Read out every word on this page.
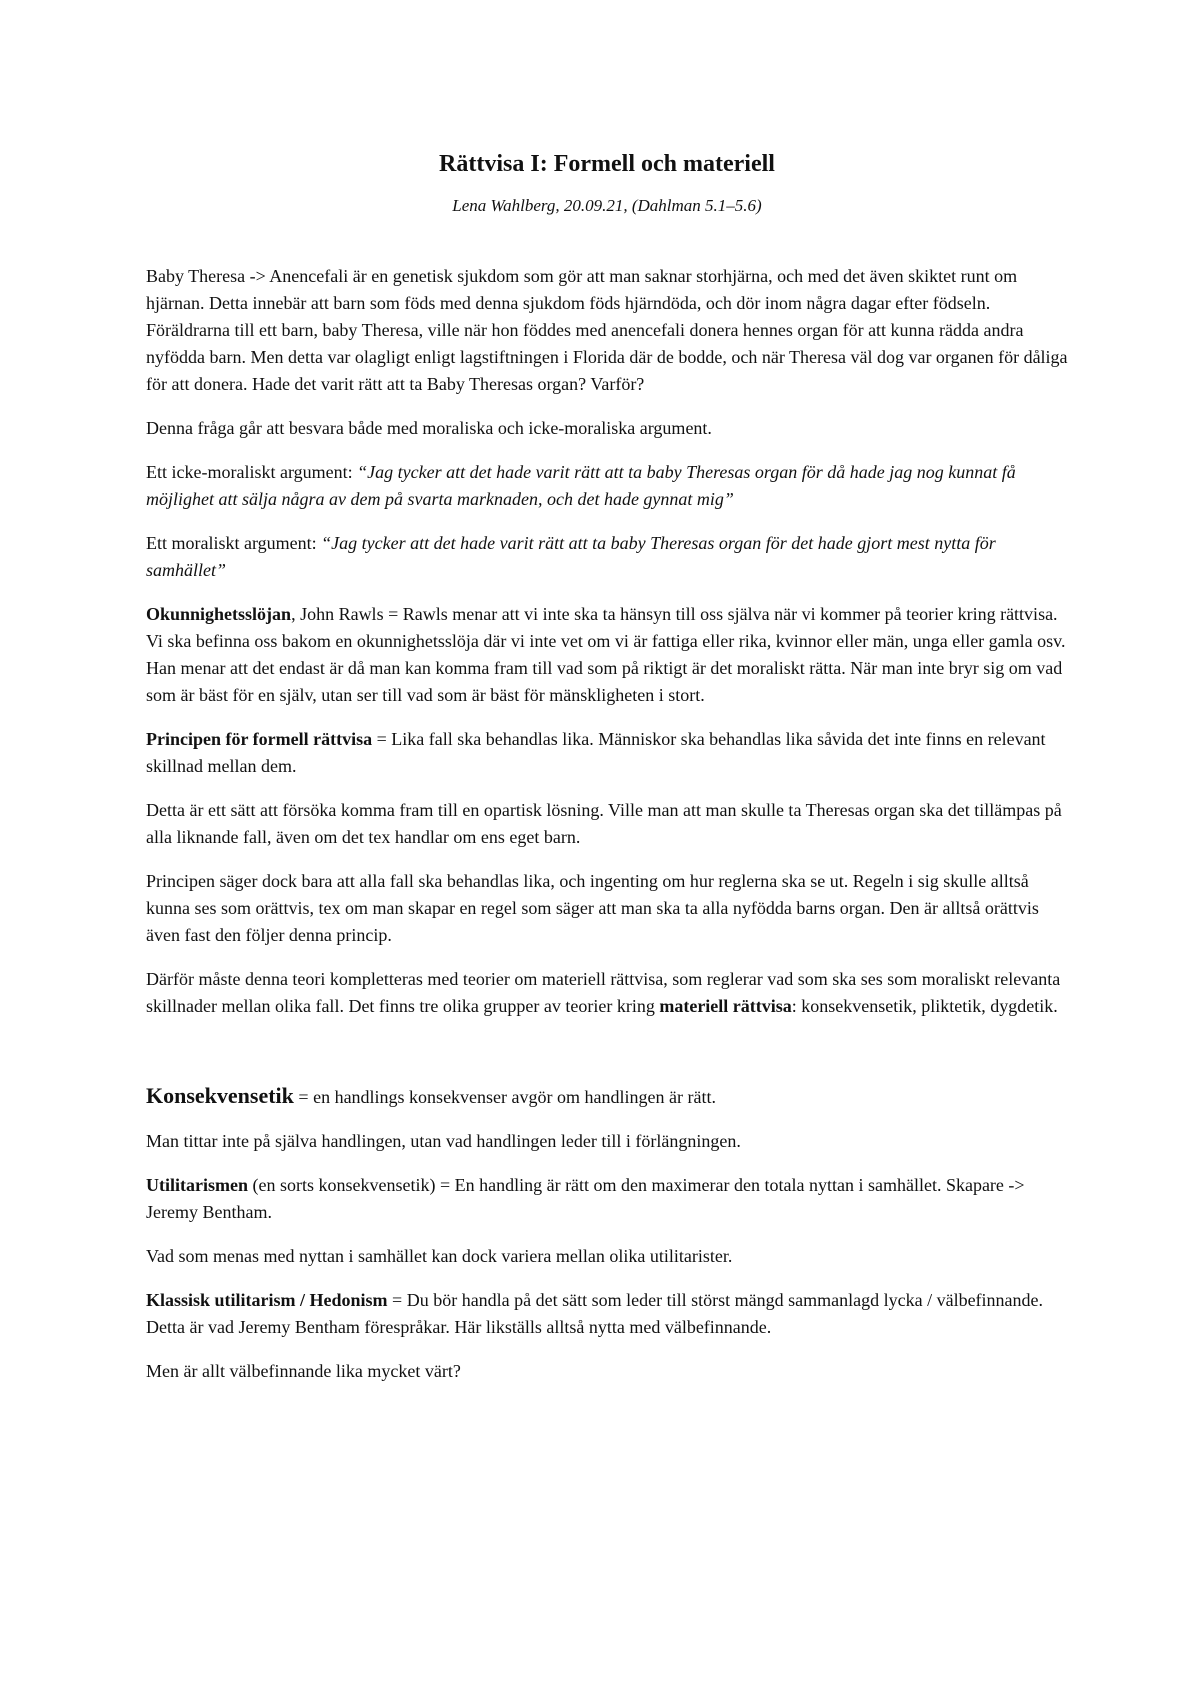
Rättvisa I: Formell och materiell
Lena Wahlberg, 20.09.21, (Dahlman 5.1–5.6)

Baby Theresa -> Anencefali är en genetisk sjukdom som gör att man saknar storhjärna, och med det även skiktet runt om hjärnan. Detta innebär att barn som föds med denna sjukdom föds hjärndöda, och dör inom några dagar efter födseln. Föräldrarna till ett barn, baby Theresa, ville när hon föddes med anencefali donera hennes organ för att kunna rädda andra nyfödda barn. Men detta var olagligt enligt lagstiftningen i Florida där de bodde, och när Theresa väl dog var organen för dåliga för att donera. Hade det varit rätt att ta Baby Theresas organ? Varför?

Denna fråga går att besvara både med moraliska och icke-moraliska argument.

Ett icke-moraliskt argument: “Jag tycker att det hade varit rätt att ta baby Theresas organ för då hade jag nog kunnat få möjlighet att sälja några av dem på svarta marknaden, och det hade gynnat mig”

Ett moraliskt argument: “Jag tycker att det hade varit rätt att ta baby Theresas organ för det hade gjort mest nytta för samhället”

Okunnighetsslöjan, John Rawls = Rawls menar att vi inte ska ta hänsyn till oss själva när vi kommer på teorier kring rättvisa. Vi ska befinna oss bakom en okunnighetsslöja där vi inte vet om vi är fattiga eller rika, kvinnor eller män, unga eller gamla osv. Han menar att det endast är då man kan komma fram till vad som på riktigt är det moraliskt rätta. När man inte bryr sig om vad som är bäst för en själv, utan ser till vad som är bäst för mänskligheten i stort.

Principen för formell rättvisa = Lika fall ska behandlas lika. Människor ska behandlas lika såvida det inte finns en relevant skillnad mellan dem.

Detta är ett sätt att försöka komma fram till en opartisk lösning. Ville man att man skulle ta Theresas organ ska det tillämpas på alla liknande fall, även om det tex handlar om ens eget barn.

Principen säger dock bara att alla fall ska behandlas lika, och ingenting om hur reglerna ska se ut. Regeln i sig skulle alltså kunna ses som orättvis, tex om man skapar en regel som säger att man ska ta alla nyfödda barns organ. Den är alltså orättvis även fast den följer denna princip.

Därför måste denna teori kompletteras med teorier om materiell rättvisa, som reglerar vad som ska ses som moraliskt relevanta skillnader mellan olika fall. Det finns tre olika grupper av teorier kring materiell rättvisa: konsekvensetik, pliktetik, dygdetik.

Konsekvensetik = en handlings konsekvenser avgör om handlingen är rätt.

Man tittar inte på själva handlingen, utan vad handlingen leder till i förlängningen.

Utilitarismen (en sorts konsekvensetik) = En handling är rätt om den maximerar den totala nyttan i samhället. Skapare -> Jeremy Bentham.

Vad som menas med nyttan i samhället kan dock variera mellan olika utilitarister.

Klassisk utilitarism / Hedonism = Du bör handla på det sätt som leder till störst mängd sammanlagd lycka / välbefinnande. Detta är vad Jeremy Bentham förespråkar. Här likställs alltså nytta med välbefinnande.

Men är allt välbefinnande lika mycket värt?
